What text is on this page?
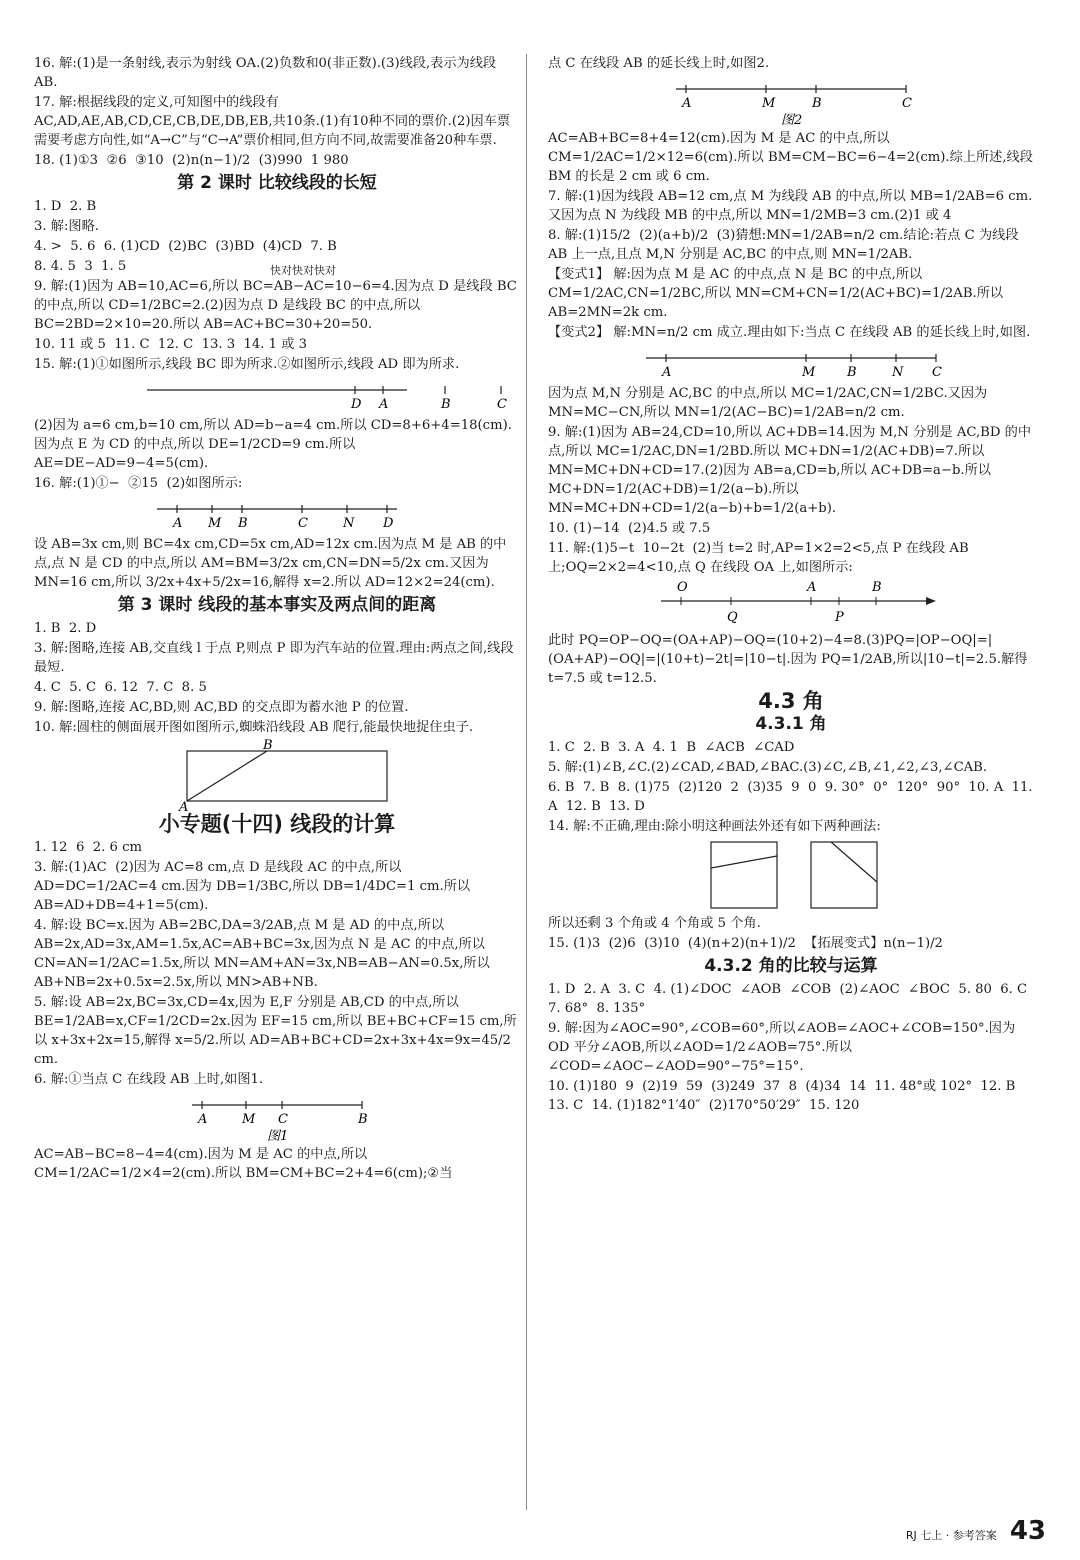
16. 解:(1)是一条射线,表示为射线 OA.(2)负数和0(非正数).(3)线段,表示为线段 AB.
17. 解:根据线段的定义,可知图中的线段有 AC,AD,AE,AB,CD,CE,CB,DE,DB,EB,共10条.(1)有10种不同的票价.(2)因车票需要考虑方向性,如“A→C”与“C→A”票价相同,但方向不同,故需要准备20种车票.
18. (1)①3  ②6  ③10  (2)n(n−1)/2  (3)990  1 980
第 2 课时 比较线段的长短
1. D  2. B
3. 解:图略.
4. >  5. 6  6. (1)CD  (2)BC  (3)BD  (4)CD  7. B
8. 4. 5  3  1. 5
9. 解:(1)因为 AB=10,AC=6,所以 BC=AB−AC=10−6=4.因为点 D 是线段 BC 的中点,所以 CD=1/2BC=2.(2)因为点 D 是线段 BC 的中点,所以 BC=2BD=2×10=20.所以 AB=AC+BC=30+20=50.
10. 11 或 5  11. C  12. C  13. 3  14. 1 或 3
15. 解:(1)①如图所示,线段 BC 即为所求.②如图所示,线段 AD 即为所求.
D A	B	C
(2)因为 a=6 cm,b=10 cm,所以 AD=b−a=4 cm.所以 CD=8+6+4=18(cm).因为点 E 为 CD 的中点,所以 DE=1/2CD=9 cm.所以 AE=DE−AD=9−4=5(cm).
16. 解:(1)①−  ②15  (2)如图所示:
A M B	C	N D
设 AB=3x cm,则 BC=4x cm,CD=5x cm,AD=12x cm.因为点 M 是 AB 的中点,点 N 是 CD 的中点,所以 AM=BM=3/2x cm,CN=DN=5/2x cm.又因为 MN=16 cm,所以 3/2x+4x+5/2x=16,解得 x=2.所以 AD=12×2=24(cm).
第 3 课时 线段的基本事实及两点间的距离
1. B  2. D
3. 解:图略,连接 AB,交直线 l 于点 P,则点 P 即为汽车站的位置.理由:两点之间,线段最短.
4. C  5. C  6. 12  7. C  8. 5
9. 解:图略,连接 AC,BD,则 AC,BD 的交点即为蓄水池 P 的位置.
10. 解:圆柱的侧面展开图如图所示,蜘蛛沿线段 AB 爬行,能最快地捉住虫子.
B
A
小专题(十四) 线段的计算
1. 12  6  2. 6 cm
3. 解:(1)AC  (2)因为 AC=8 cm,点 D 是线段 AC 的中点,所以 AD=DC=1/2AC=4 cm.因为 DB=1/3BC,所以 DB=1/4DC=1 cm.所以 AB=AD+DB=4+1=5(cm).
4. 解:设 BC=x.因为 AB=2BC,DA=3/2AB,点 M 是 AD 的中点,所以 AB=2x,AD=3x,AM=1.5x,AC=AB+BC=3x,因为点 N 是 AC 的中点,所以 CN=AN=1/2AC=1.5x,所以 MN=AM+AN=3x,NB=AB−AN=0.5x,所以 AB+NB=2x+0.5x=2.5x,所以 MN>AB+NB.
5. 解:设 AB=2x,BC=3x,CD=4x,因为 E,F 分别是 AB,CD 的中点,所以 BE=1/2AB=x,CF=1/2CD=2x.因为 EF=15 cm,所以 BE+BC+CF=15 cm,所以 x+3x+2x=15,解得 x=5/2.所以 AD=AB+BC+CD=2x+3x+4x=9x=45/2 cm.
6. 解:①当点 C 在线段 AB 上时,如图1.
A	M C	B
图1
AC=AB−BC=8−4=4(cm).因为 M 是 AC 的中点,所以 CM=1/2AC=1/2×4=2(cm).所以 BM=CM+BC=2+4=6(cm);②当
点 C 在线段 AB 的延长线上时,如图2.
A	M	B	C
图2
AC=AB+BC=8+4=12(cm).因为 M 是 AC 的中点,所以 CM=1/2AC=1/2×12=6(cm).所以 BM=CM−BC=6−4=2(cm).综上所述,线段 BM 的长是 2 cm 或 6 cm.
7. 解:(1)因为线段 AB=12 cm,点 M 为线段 AB 的中点,所以 MB=1/2AB=6 cm.又因为点 N 为线段 MB 的中点,所以 MN=1/2MB=3 cm.(2)1 或 4
8. 解:(1)15/2  (2)(a+b)/2  (3)猜想:MN=1/2AB=n/2 cm.结论:若点 C 为线段 AB 上一点,且点 M,N 分别是 AC,BC 的中点,则 MN=1/2AB.
【变式1】 解:因为点 M 是 AC 的中点,点 N 是 BC 的中点,所以 CM=1/2AC,CN=1/2BC,所以 MN=CM+CN=1/2(AC+BC)=1/2AB.所以 AB=2MN=2k cm.
【变式2】 解:MN=n/2 cm 成立.理由如下:当点 C 在线段 AB 的延长线上时,如图.
A	M B	N C
因为点 M,N 分别是 AC,BC 的中点,所以 MC=1/2AC,CN=1/2BC.又因为 MN=MC−CN,所以 MN=1/2(AC−BC)=1/2AB=n/2 cm.
9. 解:(1)因为 AB=24,CD=10,所以 AC+DB=14.因为 M,N 分别是 AC,BD 的中点,所以 MC=1/2AC,DN=1/2BD.所以 MC+DN=1/2(AC+DB)=7.所以 MN=MC+DN+CD=17.(2)因为 AB=a,CD=b,所以 AC+DB=a−b.所以 MC+DN=1/2(AC+DB)=1/2(a−b).所以 MN=MC+DN+CD=1/2(a−b)+b=1/2(a+b).
10. (1)−14  (2)4.5 或 7.5
11. 解:(1)5−t  10−2t  (2)当 t=2 时,AP=1×2=2<5,点 P 在线段 AB 上;OQ=2×2=4<10,点 Q 在线段 OA 上,如图所示:
O	A	B
Q	P
此时 PQ=OP−OQ=(OA+AP)−OQ=(10+2)−4=8.(3)PQ=|OP−OQ|=|(OA+AP)−OQ|=|(10+t)−2t|=|10−t|.因为 PQ=1/2AB,所以|10−t|=2.5.解得 t=7.5 或 t=12.5.
4.3 角
4.3.1 角
1. C  2. B  3. A  4. 1  B  ∠ACB  ∠CAD
5. 解:(1)∠B,∠C.(2)∠CAD,∠BAD,∠BAC.(3)∠C,∠B,∠1,∠2,∠3,∠CAB.
6. B  7. B  8. (1)75  (2)120  2  (3)35  9  0  9. 30°  0°  120°  90°  10. A  11. A  12. B  13. D
14. 解:不正确,理由:除小明这种画法外还有如下两种画法:
所以还剩 3 个角或 4 个角或 5 个角.
15. (1)3  (2)6  (3)10  (4)(n+2)(n+1)/2  【拓展变式】n(n−1)/2
4.3.2 角的比较与运算
1. D  2. A  3. C  4. (1)∠DOC  ∠AOB  ∠COB  (2)∠AOC  ∠BOC  5. 80  6. C  7. 68°  8. 135°
9. 解:因为∠AOC=90°,∠COB=60°,所以∠AOB=∠AOC+∠COB=150°.因为 OD 平分∠AOB,所以∠AOD=1/2∠AOB=75°.所以∠COD=∠AOC−∠AOD=90°−75°=15°.
10. (1)180  9  (2)19  59  (3)249  37  8  (4)34  14  11. 48°或 102°  12. B  13. C  14. (1)182°1′40″  (2)170°50′29″  15. 120
快对快对快对
RJ 七上 · 参考答案 43
